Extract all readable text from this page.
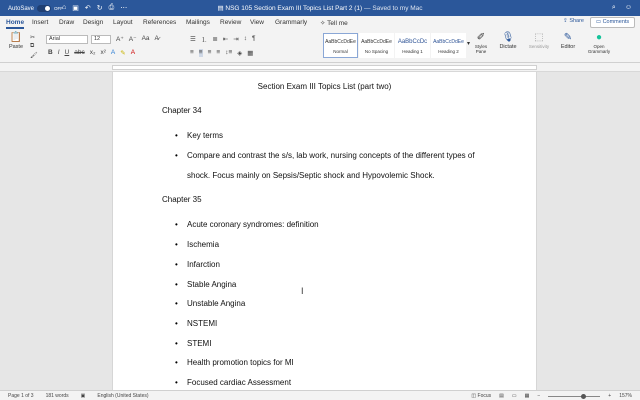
AutoSave	OFF
⌂ ▣ ↶ ↻ ⎙ ⋯	▤ NSG 105 Section Exam III Topics List Part 2 (1) — Saved to my Mac	⌕ ☺
Home Insert Draw Design Layout References Mailings Review View Grammarly ✧ Tell me	⇪ Share	▭ Comments
📋
Paste
✂
⧉
🖌
Arial	12	A⁺ A⁻ Aa A̷
B I U abc x₂ x² A ✎ A
☰ ⒈ ≣ ⇤ ⇥ ↕ ¶
≡ ≡ ≡ ≡ ↕≡ ◈ ▦
AaBbCcDdEe
Normal
AaBbCcDdEe
No Spacing
AaBbCcDc
Heading 1
AaBbCcDdEe
Heading 2
▾
✐
Styles Pane
🎙
Dictate
⬚
Sensitivity
✎
Editor
●
Open Grammarly
Section Exam III Topics List (part two)
Chapter 34
•	Key terms
•	Compare and contrast the s/s, lab work, nursing concepts of the different types of
shock. Focus mainly on Sepsis/Septic shock and Hypovolemic Shock.
Chapter 35
•	Acute coronary syndromes: definition
•	Ischemia
•	Infarction
•	Stable Angina
•	Unstable Angina
•	NSTEMI
•	STEMI
•	Health promotion topics for MI
•	Focused cardiac Assessment
I
Page 1 of 3 181 words ▣ English (United States)	◫ Focus ▤ ▭ ▦ −	+ 157%
